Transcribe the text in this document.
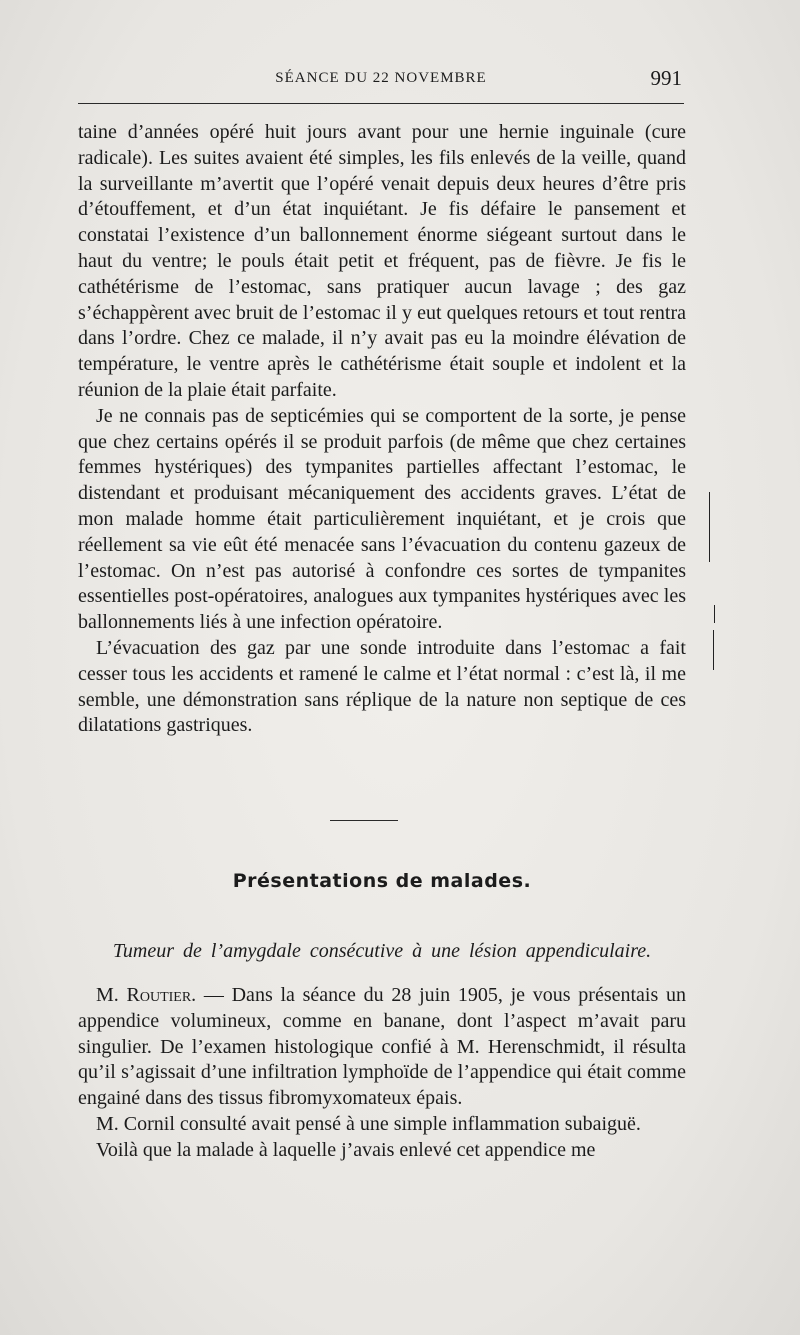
SÉANCE DU 22 NOVEMBRE	991

taine d’années opéré huit jours avant pour une hernie inguinale (cure radicale). Les suites avaient été simples, les fils enlevés de la veille, quand la surveillante m’avertit que l’opéré venait depuis deux heures d’être pris d’étouffement, et d’un état inquiétant. Je fis défaire le pansement et constatai l’existence d’un ballonnement énorme siégeant surtout dans le haut du ventre; le pouls était petit et fréquent, pas de fièvre. Je fis le cathétérisme de l’estomac, sans pratiquer aucun lavage ; des gaz s’échappèrent avec bruit de l’estomac il y eut quelques retours et tout rentra dans l’ordre. Chez ce malade, il n’y avait pas eu la moindre élévation de température, le ventre après le cathétérisme était souple et indolent et la réunion de la plaie était parfaite.

Je ne connais pas de septicémies qui se comportent de la sorte, je pense que chez certains opérés il se produit parfois (de même que chez certaines femmes hystériques) des tympanites partielles affectant l’estomac, le distendant et produisant mécaniquement des accidents graves. L’état de mon malade homme était particulièrement inquiétant, et je crois que réellement sa vie eût été menacée sans l’évacuation du contenu gazeux de l’estomac. On n’est pas autorisé à confondre ces sortes de tympanites essentielles post-opératoires, analogues aux tympanites hystériques avec les ballonnements liés à une infection opératoire.

L’évacuation des gaz par une sonde introduite dans l’estomac a fait cesser tous les accidents et ramené le calme et l’état normal : c’est là, il me semble, une démonstration sans réplique de la nature non septique de ces dilatations gastriques.

Présentations de malades.
Tumeur de l’amygdale consécutive à une lésion appendiculaire.

M. Routier. — Dans la séance du 28 juin 1905, je vous présentais un appendice volumineux, comme en banane, dont l’aspect m’avait paru singulier. De l’examen histologique confié à M. Herenschmidt, il résulta qu’il s’agissait d’une infiltration lymphoïde de l’appendice qui était comme engainé dans des tissus fibromyxomateux épais.

M. Cornil consulté avait pensé à une simple inflammation subaiguë.

Voilà que la malade à laquelle j’avais enlevé cet appendice me
